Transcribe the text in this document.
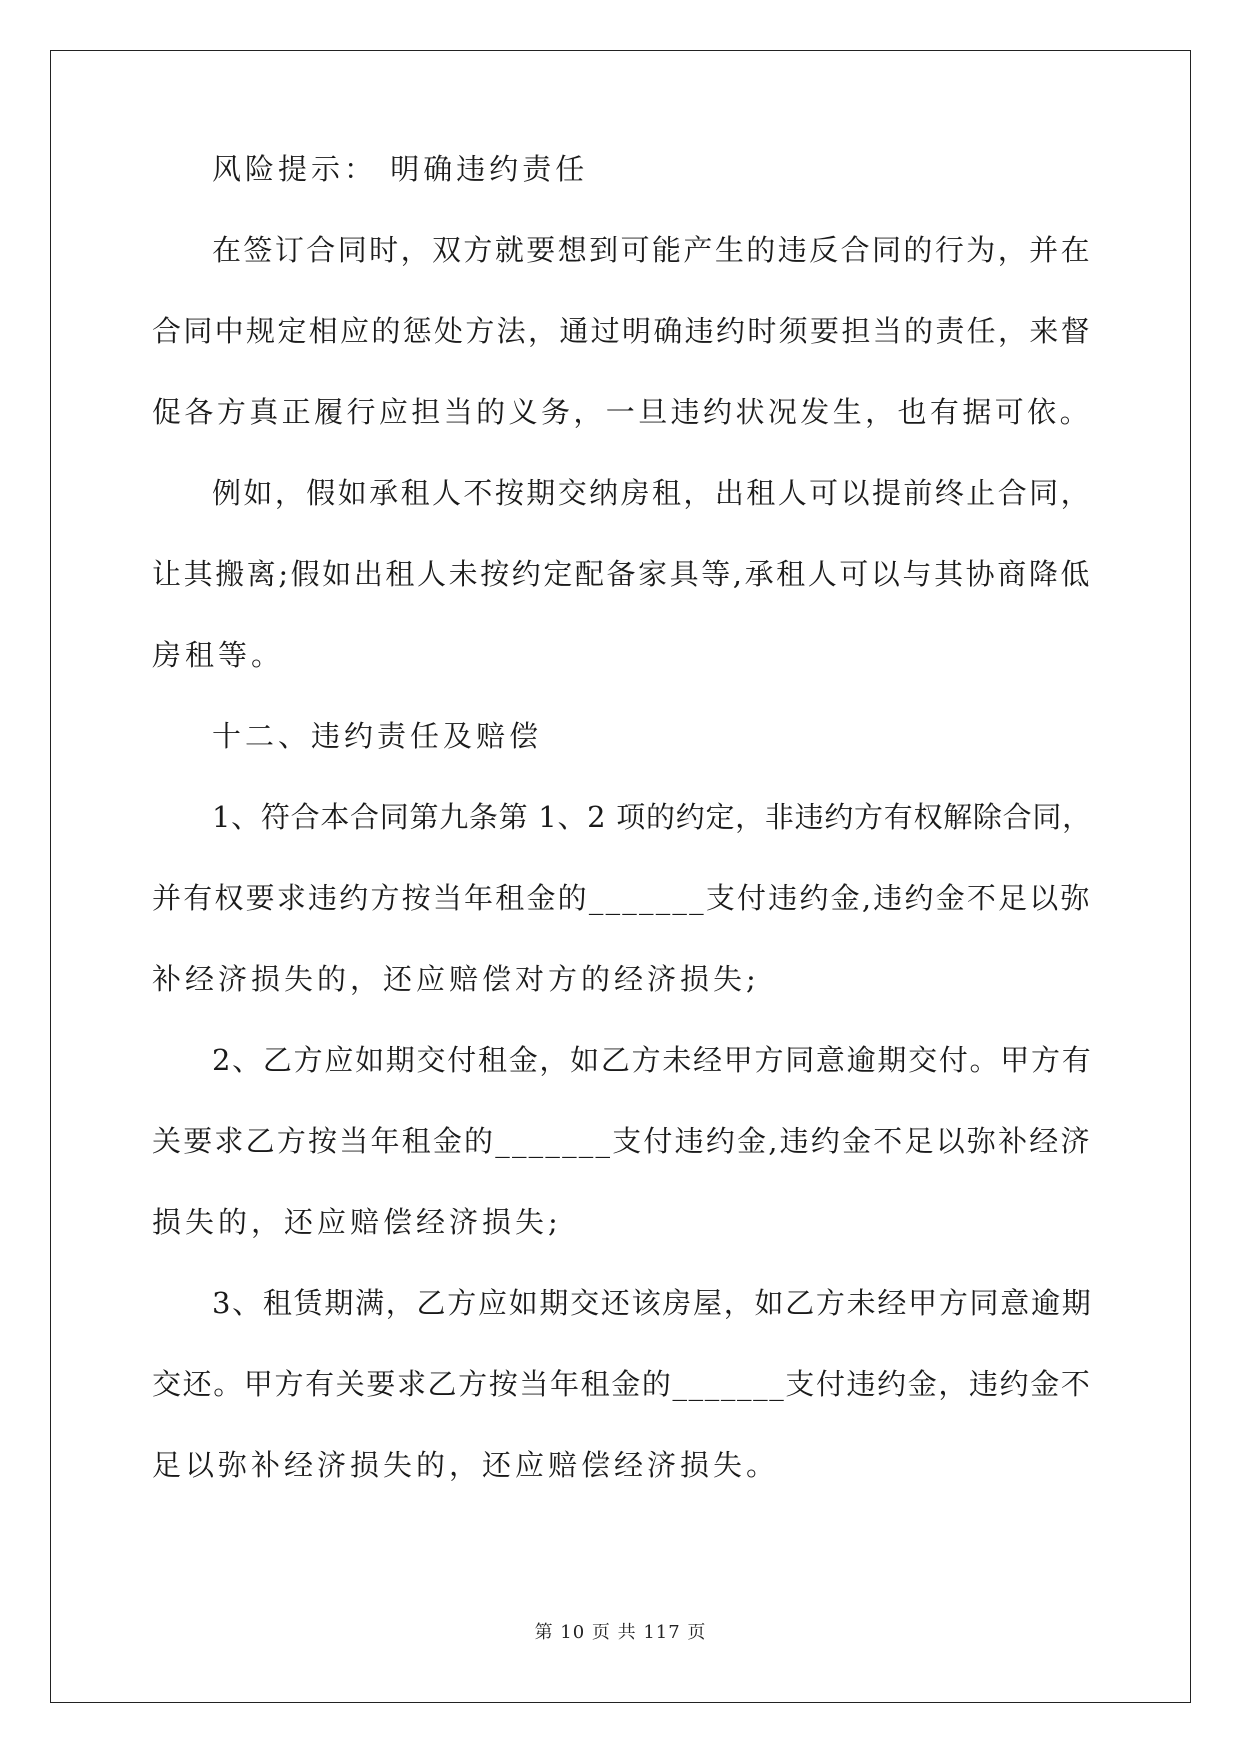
风险提示： 明确违约责任
在签订合同时，双方就要想到可能产生的违反合同的行为，并在
合同中规定相应的惩处方法，通过明确违约时须要担当的责任，来督
促各方真正履行应担当的义务，一旦违约状况发生，也有据可依。
例如，假如承租人不按期交纳房租，出租人可以提前终止合同，
让其搬离;假如出租人未按约定配备家具等,承租人可以与其协商降低
房租等。
十二、违约责任及赔偿
1、符合本合同第九条第 1、2 项的约定，非违约方有权解除合同，
并有权要求违约方按当年租金的_______支付违约金,违约金不足以弥
补经济损失的，还应赔偿对方的经济损失;
2、乙方应如期交付租金，如乙方未经甲方同意逾期交付。甲方有
关要求乙方按当年租金的_______支付违约金,违约金不足以弥补经济
损失的，还应赔偿经济损失;
3、租赁期满，乙方应如期交还该房屋，如乙方未经甲方同意逾期
交还。甲方有关要求乙方按当年租金的_______支付违约金，违约金不
足以弥补经济损失的，还应赔偿经济损失。
第 10 页 共 117 页
